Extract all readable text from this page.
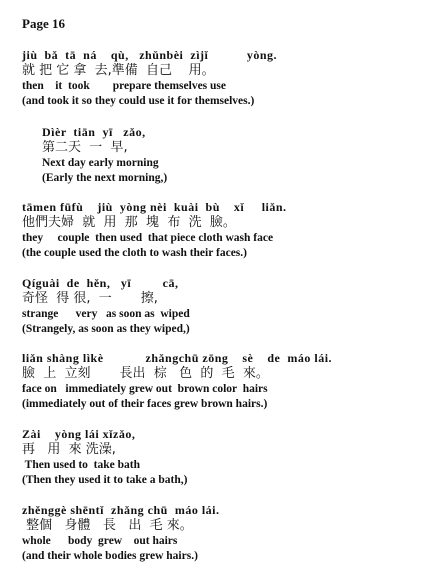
Page 16
jiù  bǎ  tā  ná    qù,   zhǔnbèi  zìjǐ           yòng.
就 把 它 拿  去,準備  自己    用。
then    it  took        prepare themselves use
(and took it so they could use it for themselves.)
Dìèr  tiān  yī   zǎo,
第二天  一  早,
Next day early morning
(Early the next morning,)
tāmen fūfù    jiù  yòng nèi  kuài  bù    xǐ     liǎn.
他們夫婦  就  用  那  塊  布  洗  臉。
they     couple  then used  that piece cloth wash face
(the couple used the cloth to wash their faces.)
Qíguài  de  hěn,   yī         cā,
奇怪  得 很,  一       擦,
strange      very   as soon as  wiped
(Strangely, as soon as they wiped,)
liǎn shàng lìkè            zhǎngchū zōng    sè    de  máo lái.
臉  上  立刻       長出  棕   色  的  毛  來。
face on   immediately grew out  brown color  hairs
(immediately out of their faces grew brown hairs.)
Zài    yòng lái xǐzǎo,
再   用  來 洗澡,
Then used to  take bath
(Then they used it to take a bath,)
zhěnggè shēntǐ  zhǎng chū  máo lái.
整個   身體   長   出  毛 來。
whole      body  grew    out hairs
(and their whole bodies grew hairs.)
